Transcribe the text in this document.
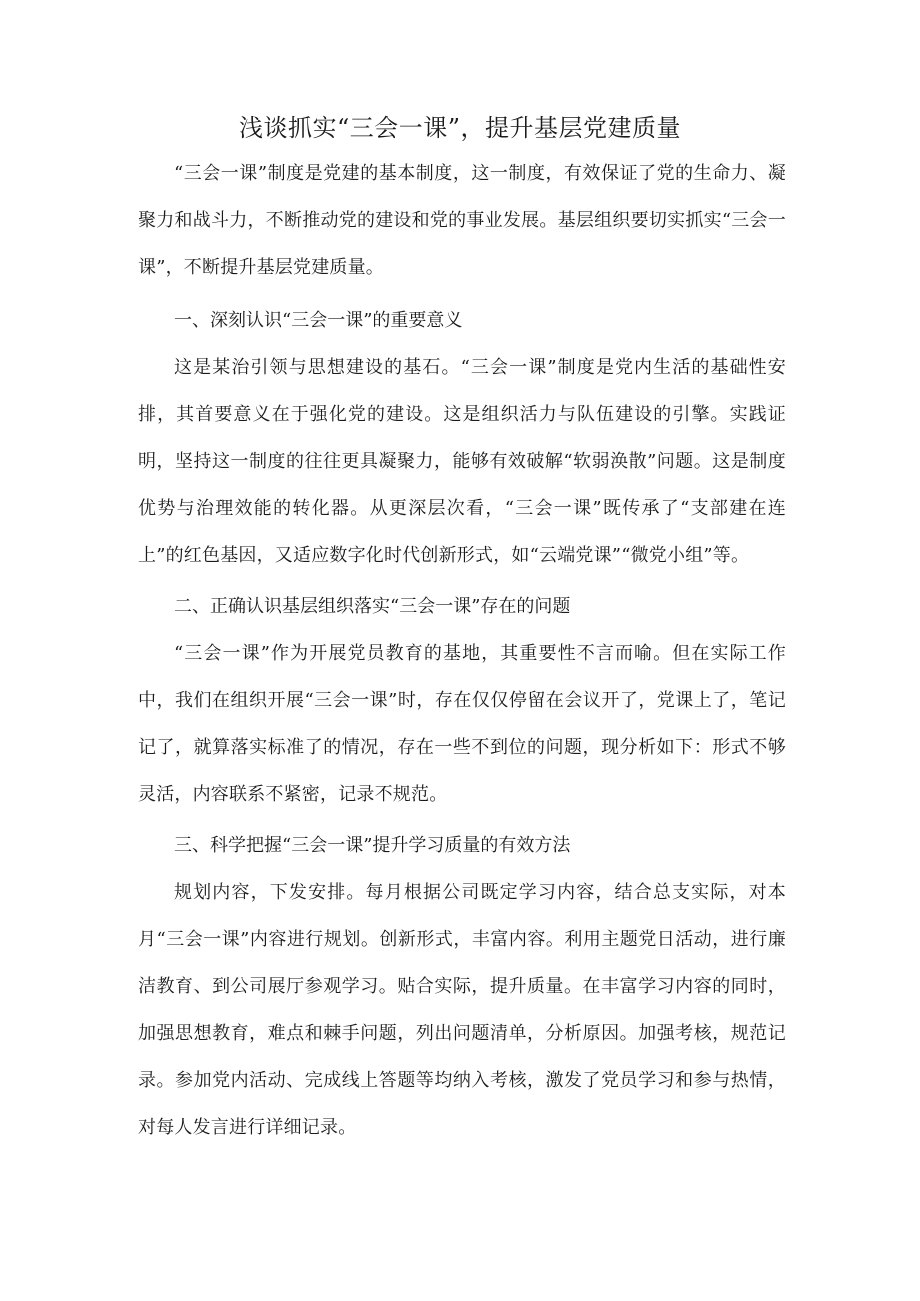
浅谈抓实“三会一课”，提升基层党建质量
“三会一课”制度是党建的基本制度，这一制度，有效保证了党的生命力、凝聚力和战斗力，不断推动党的建设和党的事业发展。基层组织要切实抓实“三会一课”，不断提升基层党建质量。
一、深刻认识“三会一课”的重要意义
这是某治引领与思想建设的基石。“三会一课”制度是党内生活的基础性安排，其首要意义在于强化党的建设。这是组织活力与队伍建设的引擎。实践证明，坚持这一制度的往往更具凝聚力，能够有效破解“软弱涣散”问题。这是制度优势与治理效能的转化器。从更深层次看，“三会一课”既传承了“支部建在连上”的红色基因，又适应数字化时代创新形式，如“云端党课”“微党小组”等。
二、正确认识基层组织落实“三会一课”存在的问题
“三会一课”作为开展党员教育的基地，其重要性不言而喻。但在实际工作中，我们在组织开展“三会一课”时，存在仅仅停留在会议开了，党课上了，笔记记了，就算落实标准了的情况，存在一些不到位的问题，现分析如下：形式不够灵活，内容联系不紧密，记录不规范。
三、科学把握“三会一课”提升学习质量的有效方法
规划内容，下发安排。每月根据公司既定学习内容，结合总支实际，对本月“三会一课”内容进行规划。创新形式，丰富内容。利用主题党日活动，进行廉洁教育、到公司展厅参观学习。贴合实际，提升质量。在丰富学习内容的同时，加强思想教育，难点和棘手问题，列出问题清单，分析原因。加强考核，规范记录。参加党内活动、完成线上答题等均纳入考核，激发了党员学习和参与热情，对每人发言进行详细记录。
